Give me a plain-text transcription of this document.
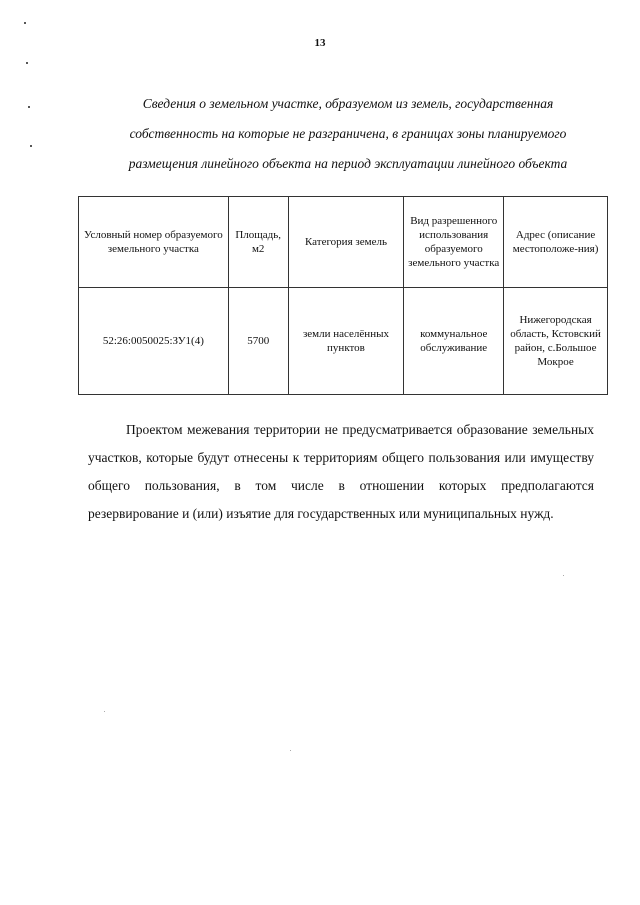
13
Сведения о земельном участке, образуемом из земель, государственная
собственность на которые не разграничена, в границах зоны планируемого
размещения линейного объекта на период эксплуатации линейного объекта
Условный номер образуемого земельного участка	Площадь, м2	Категория земель	Вид разрешенного использования образуемого земельного участка	Адрес (описание местоположе-ния)
52:26:0050025:ЗУ1(4)	5700	земли населённых пунктов	коммунальное обслуживание	Нижегородская область, Кстовский район, с.Большое Мокрое

Проектом межевания территории не предусматривается образование земельных участков, которые будут отнесены к территориям общего пользования или имуществу общего пользования, в том числе в отношении которых предполагаются резервирование и (или) изъятие для государственных или муниципальных нужд.
